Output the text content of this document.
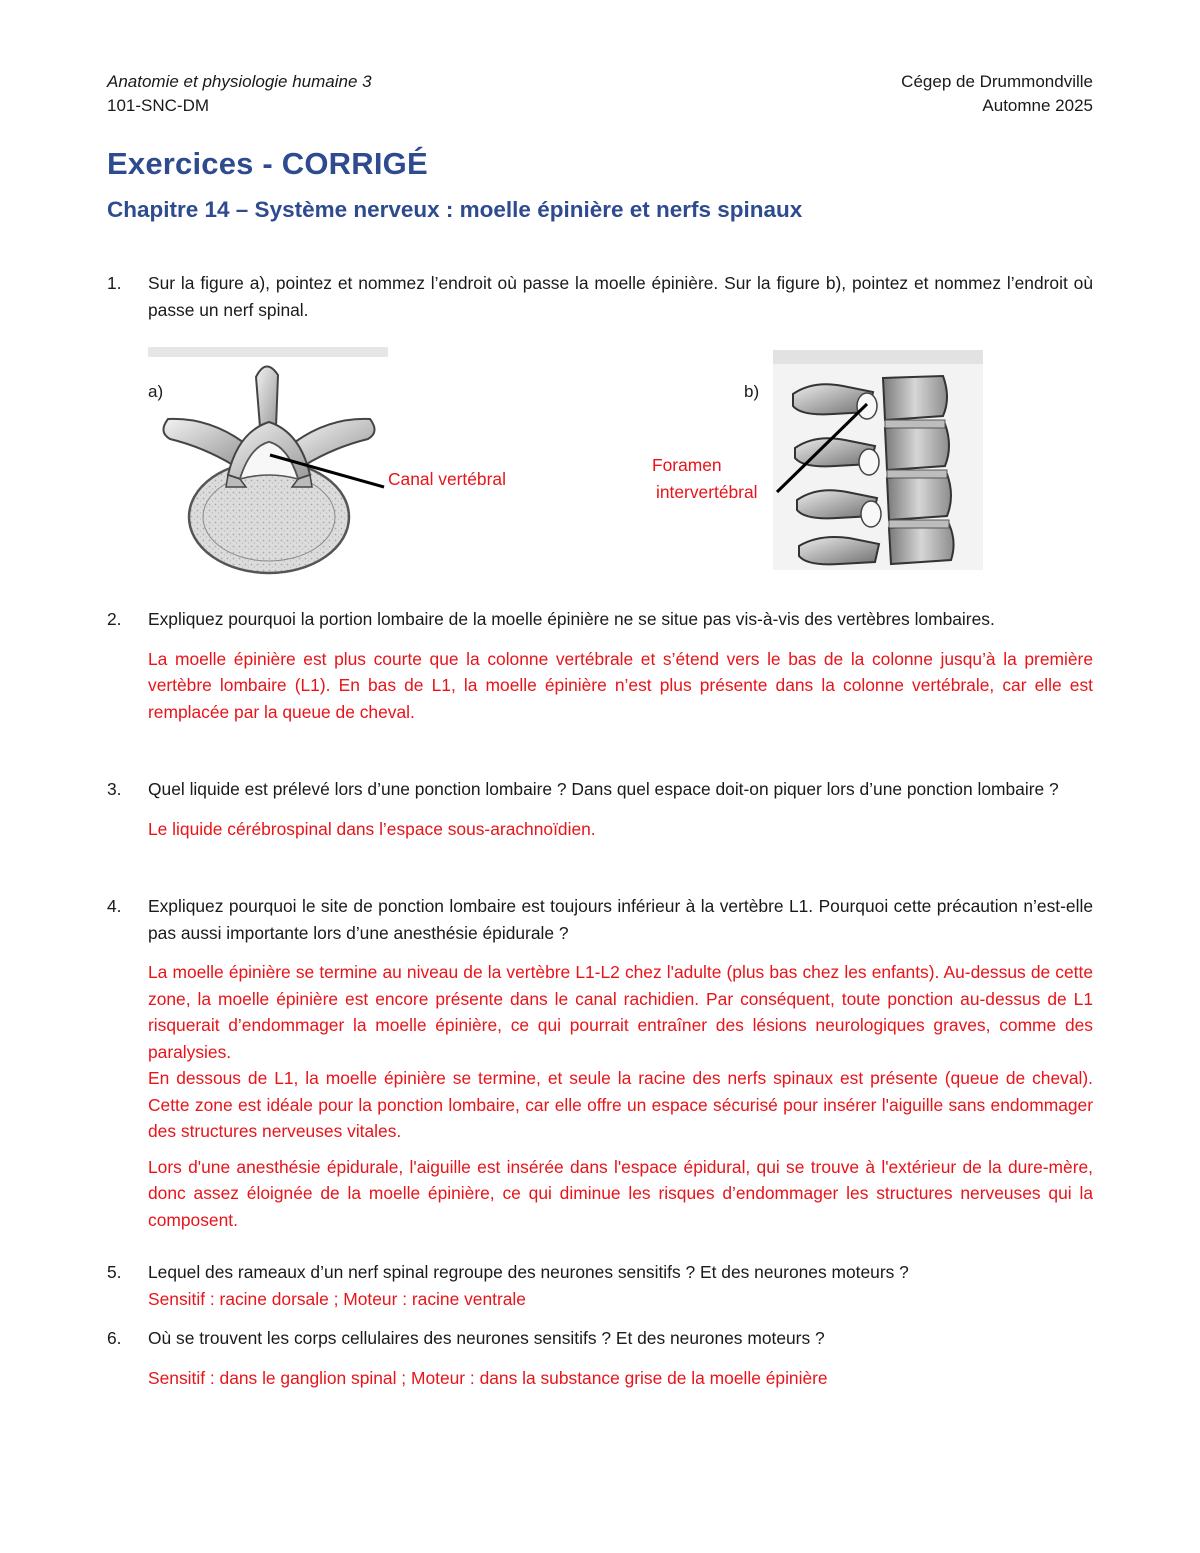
Anatomie et physiologie humaine 3
101-SNC-DM
Cégep de Drummondville
Automne 2025
Exercices - CORRIGÉ
Chapitre 14 – Système nerveux : moelle épinière et nerfs spinaux
1.	Sur la figure a), pointez et nommez l’endroit où passe la moelle épinière. Sur la figure b), pointez et nommez l’endroit où passe un nerf spinal.
a)
Canal vertébral
b)
Foramen
intervertébral
2.	Expliquez pourquoi la portion lombaire de la moelle épinière ne se situe pas vis-à-vis des vertèbres lombaires.
La moelle épinière est plus courte que la colonne vertébrale et s’étend vers le bas de la colonne jusqu’à la première vertèbre lombaire (L1). En bas de L1, la moelle épinière n’est plus présente dans la colonne vertébrale, car elle est remplacée par la queue de cheval.
3.	Quel liquide est prélevé lors d’une ponction lombaire ? Dans quel espace doit-on piquer lors d’une ponction lombaire ?
Le liquide cérébrospinal dans l’espace sous-arachnoïdien.
4.	Expliquez pourquoi le site de ponction lombaire est toujours inférieur à la vertèbre L1. Pourquoi cette précaution n’est-elle pas aussi importante lors d’une anesthésie épidurale ?
La moelle épinière se termine au niveau de la vertèbre L1-L2 chez l'adulte (plus bas chez les enfants). Au-dessus de cette zone, la moelle épinière est encore présente dans le canal rachidien. Par conséquent, toute ponction au-dessus de L1 risquerait d’endommager la moelle épinière, ce qui pourrait entraîner des lésions neurologiques graves, comme des paralysies.
En dessous de L1, la moelle épinière se termine, et seule la racine des nerfs spinaux est présente (queue de cheval). Cette zone est idéale pour la ponction lombaire, car elle offre un espace sécurisé pour insérer l'aiguille sans endommager des structures nerveuses vitales.
Lors d'une anesthésie épidurale, l'aiguille est insérée dans l'espace épidural, qui se trouve à l'extérieur de la dure-mère, donc assez éloignée de la moelle épinière, ce qui diminue les risques d’endommager les structures nerveuses qui la composent.
5.	Lequel des rameaux d’un nerf spinal regroupe des neurones sensitifs ? Et des neurones moteurs ?
Sensitif : racine dorsale ; Moteur : racine ventrale
6.	Où se trouvent les corps cellulaires des neurones sensitifs ? Et des neurones moteurs ?
Sensitif : dans le ganglion spinal ; Moteur : dans la substance grise de la moelle épinière
